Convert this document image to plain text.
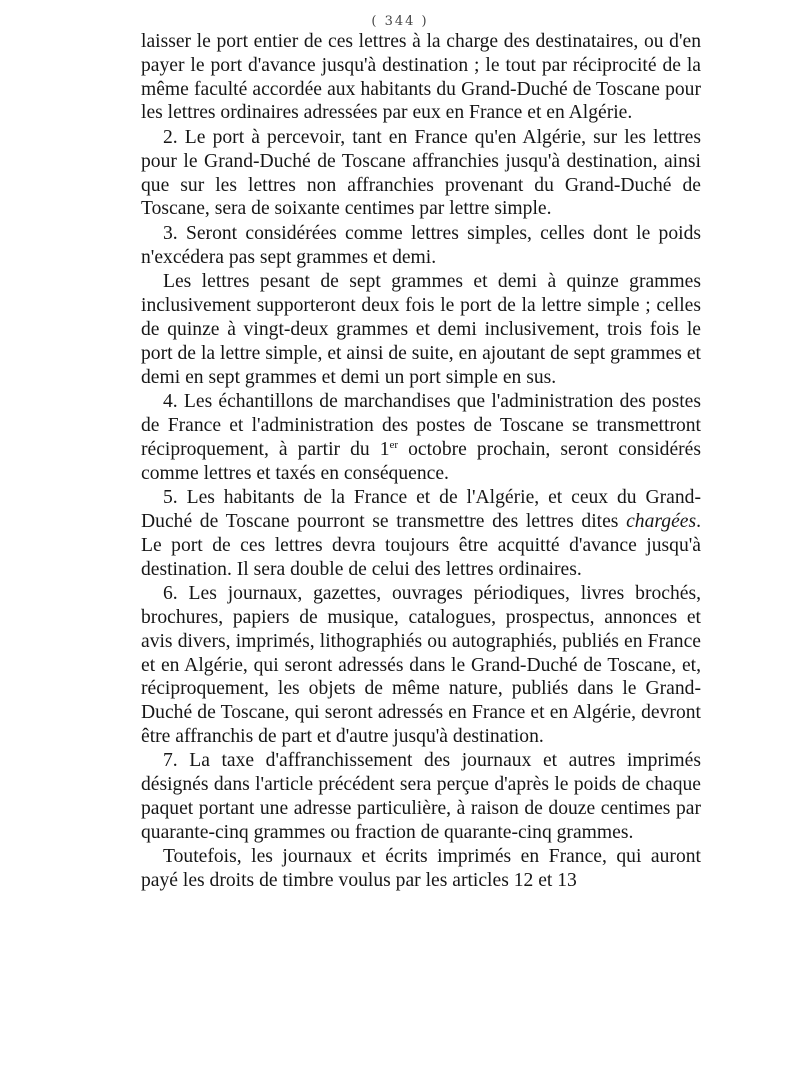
( 344 )

laisser le port entier de ces lettres à la charge des destinataires, ou d'en payer le port d'avance jusqu'à destination ; le tout par réciprocité de la même faculté accordée aux habitants du Grand-Duché de Toscane pour les lettres ordinaires adressées par eux en France et en Algérie.

2. Le port à percevoir, tant en France qu'en Algérie, sur les lettres pour le Grand-Duché de Toscane affranchies jusqu'à destination, ainsi que sur les lettres non affranchies provenant du Grand-Duché de Toscane, sera de soixante centimes par lettre simple.

3. Seront considérées comme lettres simples, celles dont le poids n'excédera pas sept grammes et demi.

Les lettres pesant de sept grammes et demi à quinze grammes inclusivement supporteront deux fois le port de la lettre simple ; celles de quinze à vingt-deux grammes et demi inclusivement, trois fois le port de la lettre simple, et ainsi de suite, en ajoutant de sept grammes et demi en sept grammes et demi un port simple en sus.

4. Les échantillons de marchandises que l'administration des postes de France et l'administration des postes de Toscane se transmettront réciproquement, à partir du 1er octobre prochain, seront considérés comme lettres et taxés en conséquence.

5. Les habitants de la France et de l'Algérie, et ceux du Grand-Duché de Toscane pourront se transmettre des lettres dites chargées. Le port de ces lettres devra toujours être acquitté d'avance jusqu'à destination. Il sera double de celui des lettres ordinaires.

6. Les journaux, gazettes, ouvrages périodiques, livres brochés, brochures, papiers de musique, catalogues, prospectus, annonces et avis divers, imprimés, lithographiés ou autographiés, publiés en France et en Algérie, qui seront adressés dans le Grand-Duché de Toscane, et, réciproquement, les objets de même nature, publiés dans le Grand-Duché de Toscane, qui seront adressés en France et en Algérie, devront être affranchis de part et d'autre jusqu'à destination.

7. La taxe d'affranchissement des journaux et autres imprimés désignés dans l'article précédent sera perçue d'après le poids de chaque paquet portant une adresse particulière, à raison de douze centimes par quarante-cinq grammes ou fraction de quarante-cinq grammes.

Toutefois, les journaux et écrits imprimés en France, qui auront payé les droits de timbre voulus par les articles 12 et 13
